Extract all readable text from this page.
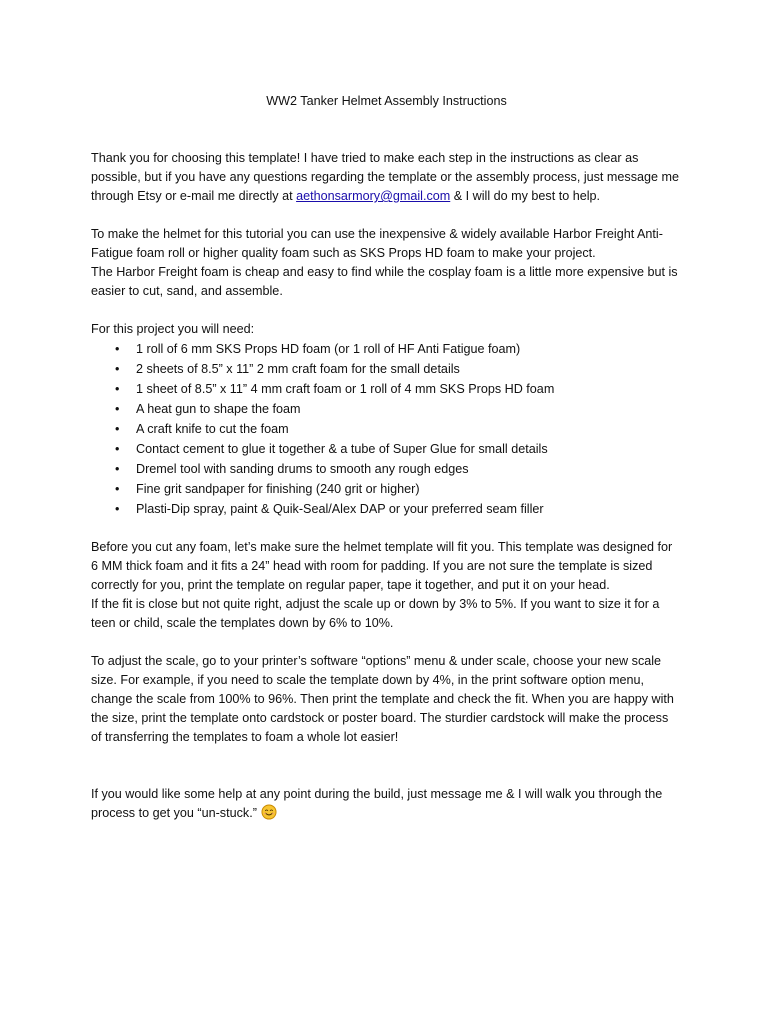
WW2 Tanker Helmet Assembly Instructions

Thank you for choosing this template! I have tried to make each step in the instructions as clear as possible, but if you have any questions regarding the template or the assembly process, just message me through Etsy or e-mail me directly at aethonsarmory@gmail.com & I will do my best to help.

To make the helmet for this tutorial you can use the inexpensive & widely available Harbor Freight Anti-Fatigue foam roll or higher quality foam such as SKS Props HD foam to make your project.

The Harbor Freight foam is cheap and easy to find while the cosplay foam is a little more expensive but is easier to cut, sand, and assemble.

For this project you will need:

• 1 roll of 6 mm SKS Props HD foam (or 1 roll of HF Anti Fatigue foam)
• 2 sheets of 8.5” x 11” 2 mm craft foam for the small details
• 1 sheet of 8.5” x 11” 4 mm craft foam or 1 roll of 4 mm SKS Props HD foam
• A heat gun to shape the foam
• A craft knife to cut the foam
• Contact cement to glue it together & a tube of Super Glue for small details
• Dremel tool with sanding drums to smooth any rough edges
• Fine grit sandpaper for finishing (240 grit or higher)
• Plasti-Dip spray, paint & Quik-Seal/Alex DAP or your preferred seam filler

Before you cut any foam, let’s make sure the helmet template will fit you. This template was designed for 6 MM thick foam and it fits a 24” head with room for padding. If you are not sure the template is sized correctly for you, print the template on regular paper, tape it together, and put it on your head.

If the fit is close but not quite right, adjust the scale up or down by 3% to 5%. If you want to size it for a teen or child, scale the templates down by 6% to 10%.

To adjust the scale, go to your printer’s software “options” menu & under scale, choose your new scale size. For example, if you need to scale the template down by 4%, in the print software option menu, change the scale from 100% to 96%. Then print the template and check the fit. When you are happy with the size, print the template onto cardstock or poster board. The sturdier cardstock will make the process of transferring the templates to foam a whole lot easier!

If you would like some help at any point during the build, just message me & I will walk you through the process to get you “un-stuck.”
